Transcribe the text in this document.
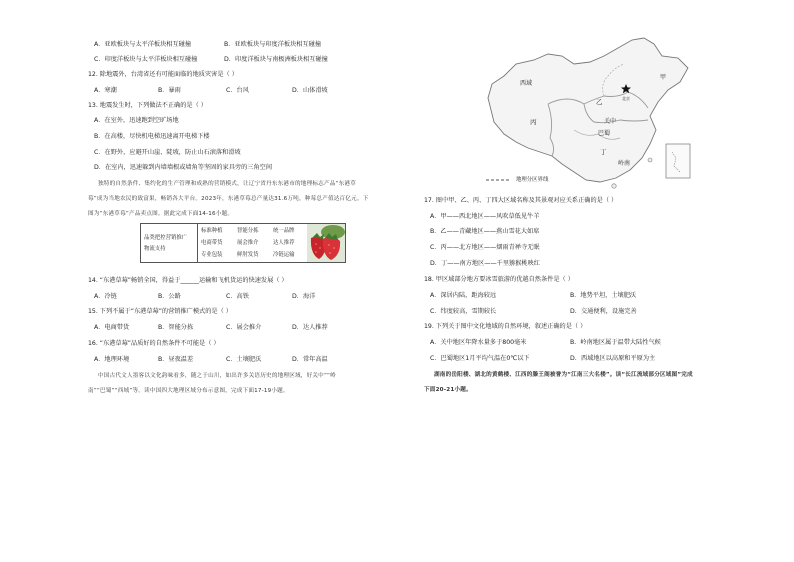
A．亚欧板块与太平洋板块相互碰撞	B．亚欧板块与印度洋板块相互碰撞
C．印度洋板块与太平洋板块相互碰撞	D．印度洋板块与南极洲板块相互碰撞
12. 除地震外，台湾省还有可能面临的地质灾害是（ ）
A．寒潮	B．暴雨	C．台风	D．山体滑坡
13. 地震发生时，下列做法不正确的是（ ）
A．在室外，迅速跑到空旷场地
B．在高楼，尽快机电梯迅速离开电梯下楼
C．在野外，应避开山崖、陡坡，防止山石滚落和滑坡
D．在室内，迅速躲到内墙墙根或墙角等坚固的家具旁的三角空间
独特的自然条件、集约化的生产管理和成熟的营销模式，让辽宁省丹东东港市的地理标志产品“东港草
莓”成为当地农民的致富果，畅销各大平台。2023年，东港草莓总产量达31.6万吨，种莓总产值达百亿元。下
图为“东港草莓”产品卖点图。据此完成下面14-16小题。
品类把控营销推广
物流支持
标准种植	智能分拣	统一品牌
电商带货	展会推介	达人推荐
专业包装	鲜肘发货	冷链运输
14. “东港草莓”畅销全国，得益于______运输和飞机货运的快速发展（ ）
A．冷链	B．公路	C．高铁	D．海洋
15. 下列不属于“东港草莓”的营销推广模式的是（ ）
A．电商带货	B．智能分拣	C．展会推介	D．达人推荐
16. “东港草莓”品质好的自然条件不可能是（ ）
A．地理环境	B．昼夜温差	C．土壤肥沃	D．常年高温
中国古代文人墨客以文化韵味看多，随之于山川，如出许多关语历史的地理区域，好关中”“岭
南”“巴蜀”“西域”等。读中国四大地理区域分布示意图，完成下面17-19小题。
西域
甲
乙	北京
丙	关中
巴蜀
丁
岭南
地理分区界线
17. 图中甲、乙、丙、丁四大区域名称及其景观对应关系正确的是（ ）
A．甲——西北地区——风吹草低见牛羊
B．乙——青藏地区——燕山雪花大如席
C．丙——北方地区——烟雨青禅寺无眠
D．丁——南方地区——千里猕猴桃映红
18. 甲区域部分地方要冰雪旅游的优越自然条件是（ ）
A．深居内陆，距海较远	B．地势平坦，土壤肥沃
C．纬度较高，雪期较长	D．交通便利，设施完善
19. 下列关于图中文化地域的自然环境，叙述正确的是（ ）
A．关中地区年降水量多于800毫米	B．岭南地区属于温带大陆性气候
C．巴蜀地区1月平均气温在0℃以下	D．西域地区以高原和平原为主
湖南的岳阳楼、湖北的黄鹤楼、江西的滕王阁被誉为“江南三大名楼”。读“长江流域部分区域图”完成
下面20-21小题。
